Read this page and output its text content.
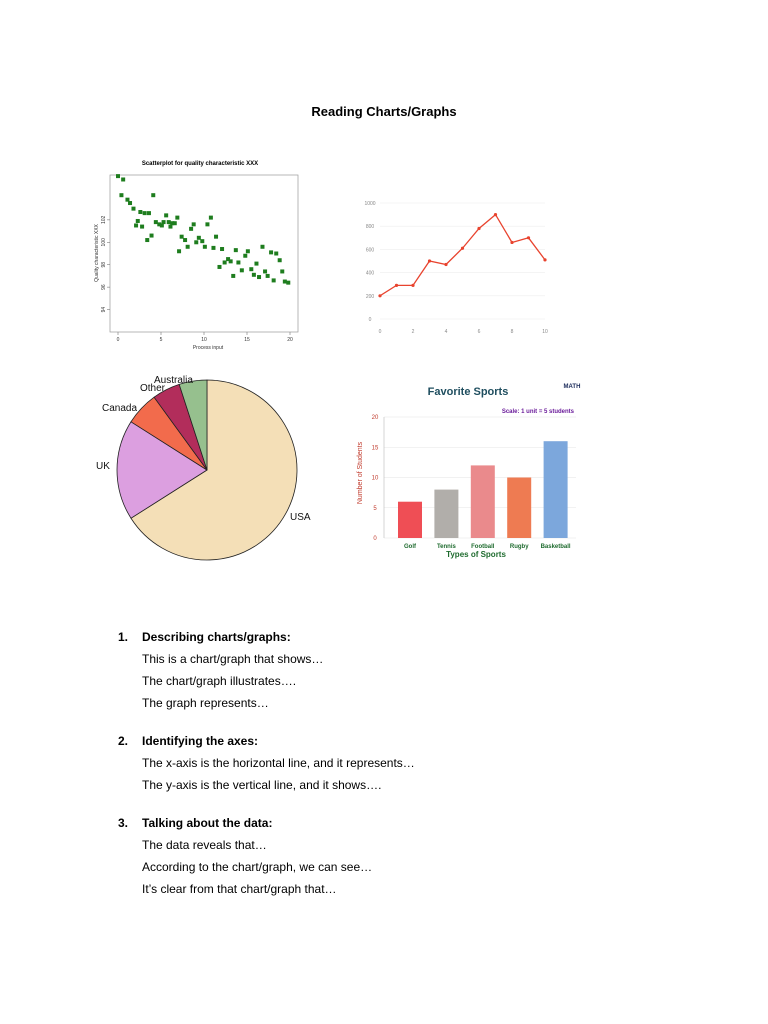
Reading Charts/Graphs
Scatterplot for quality characteristic XXX
Process input
Quality characteristic XXX
0	5	10	15	20
94
96
98
100
102
0
200
400
600
800
1000
0	2	4	6	8	10
USA
UK
Canada
Other
Australia
Favorite Sports	MATH
Scale: 1 unit = 5 students
Number of Students
Types of Sports
0
5
10
15
20
Golf	Tennis	Football	Rugby Basketball
1.	Describing charts/graphs:
This is a chart/graph that shows…
The chart/graph illustrates….
The graph represents…
2.	Identifying the axes:
The x-axis is the horizontal line, and it represents…
The y-axis is the vertical line, and it shows….
3.	Talking about the data:
The data reveals that…
According to the chart/graph, we can see…
It’s clear from that chart/graph that…
